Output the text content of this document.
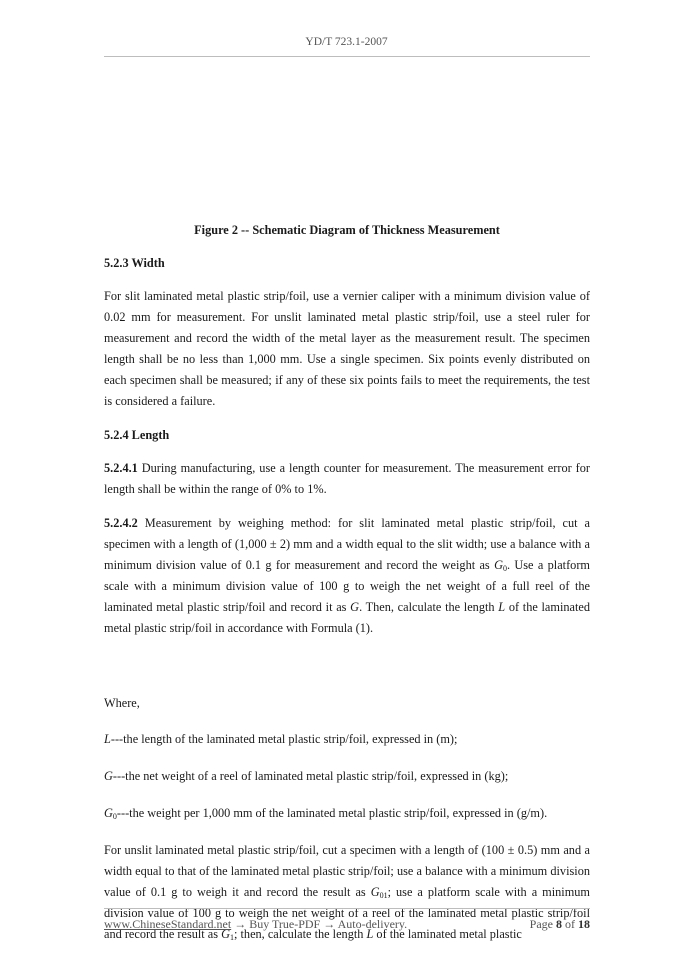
YD/T 723.1-2007

Figure 2 -- Schematic Diagram of Thickness Measurement

5.2.3 Width

For slit laminated metal plastic strip/foil, use a vernier caliper with a minimum division value of 0.02 mm for measurement. For unslit laminated metal plastic strip/foil, use a steel ruler for measurement and record the width of the metal layer as the measurement result. The specimen length shall be no less than 1,000 mm. Use a single specimen. Six points evenly distributed on each specimen shall be measured; if any of these six points fails to meet the requirements, the test is considered a failure.

5.2.4 Length

5.2.4.1 During manufacturing, use a length counter for measurement. The measurement error for length shall be within the range of 0% to 1%.

5.2.4.2 Measurement by weighing method: for slit laminated metal plastic strip/foil, cut a specimen with a length of (1,000 ± 2) mm and a width equal to the slit width; use a balance with a minimum division value of 0.1 g for measurement and record the weight as $G_0$. Use a platform scale with a minimum division value of 100 g to weigh the net weight of a full reel of the laminated metal plastic strip/foil and record it as G. Then, calculate the length L of the laminated metal plastic strip/foil in accordance with Formula (1).

Where,

L---the length of the laminated metal plastic strip/foil, expressed in (m);

G---the net weight of a reel of laminated metal plastic strip/foil, expressed in (kg);

$G_0--$-the weight per 1,000 mm of the laminated metal plastic strip/foil, expressed in (g/m).

For unslit laminated metal plastic strip/foil, cut a specimen with a length of (100 ± 0.5) mm and a width equal to that of the laminated metal plastic strip/foil; use a balance with a minimum division value of 0.1 g to weigh it and record the result as $G_{01}$; use a platform scale with a minimum division value of 100 g to weigh the net weight of a reel of the laminated metal plastic strip/foil and record the result as $G_1$; then, calculate the length L of the laminated metal plastic

www.ChineseStandard.net → Buy True-PDF → Auto-delivery.	Page 8 of 18
